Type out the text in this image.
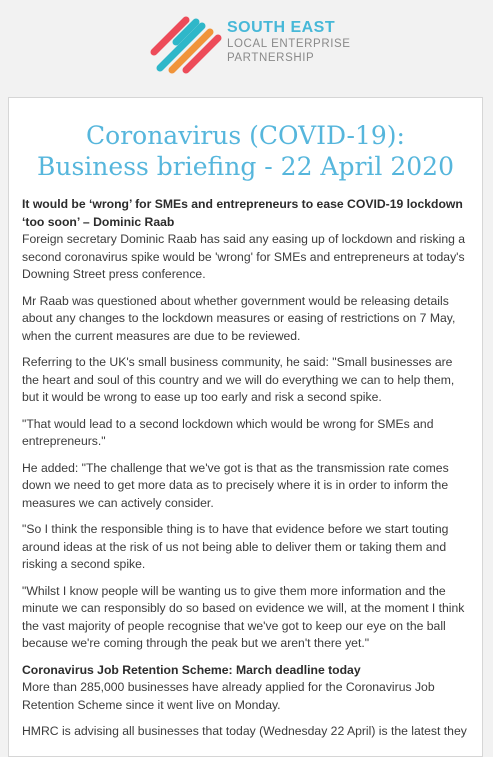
SOUTH EAST
LOCAL ENTERPRISE
PARTNERSHIP
Coronavirus (COVID-19): Business briefing - 22 April 2020

It would be ‘wrong’ for SMEs and entrepreneurs to ease COVID-19 lockdown ‘too soon’ – Dominic Raab
Foreign secretary Dominic Raab has said any easing up of lockdown and risking a second coronavirus spike would be 'wrong' for SMEs and entrepreneurs at today's Downing Street press conference.

Mr Raab was questioned about whether government would be releasing details about any changes to the lockdown measures or easing of restrictions on 7 May, when the current measures are due to be reviewed.

Referring to the UK's small business community, he said: "Small businesses are the heart and soul of this country and we will do everything we can to help them, but it would be wrong to ease up too early and risk a second spike.

"That would lead to a second lockdown which would be wrong for SMEs and entrepreneurs."

He added: "The challenge that we've got is that as the transmission rate comes down we need to get more data as to precisely where it is in order to inform the measures we can actively consider.

"So I think the responsible thing is to have that evidence before we start touting around ideas at the risk of us not being able to deliver them or taking them and risking a second spike.

"Whilst I know people will be wanting us to give them more information and the minute we can responsibly do so based on evidence we will, at the moment I think the vast majority of people recognise that we've got to keep our eye on the ball because we're coming through the peak but we aren't there yet."

Coronavirus Job Retention Scheme: March deadline today
More than 285,000 businesses have already applied for the Coronavirus Job Retention Scheme since it went live on Monday.

HMRC is advising all businesses that today (Wednesday 22 April) is the latest they
